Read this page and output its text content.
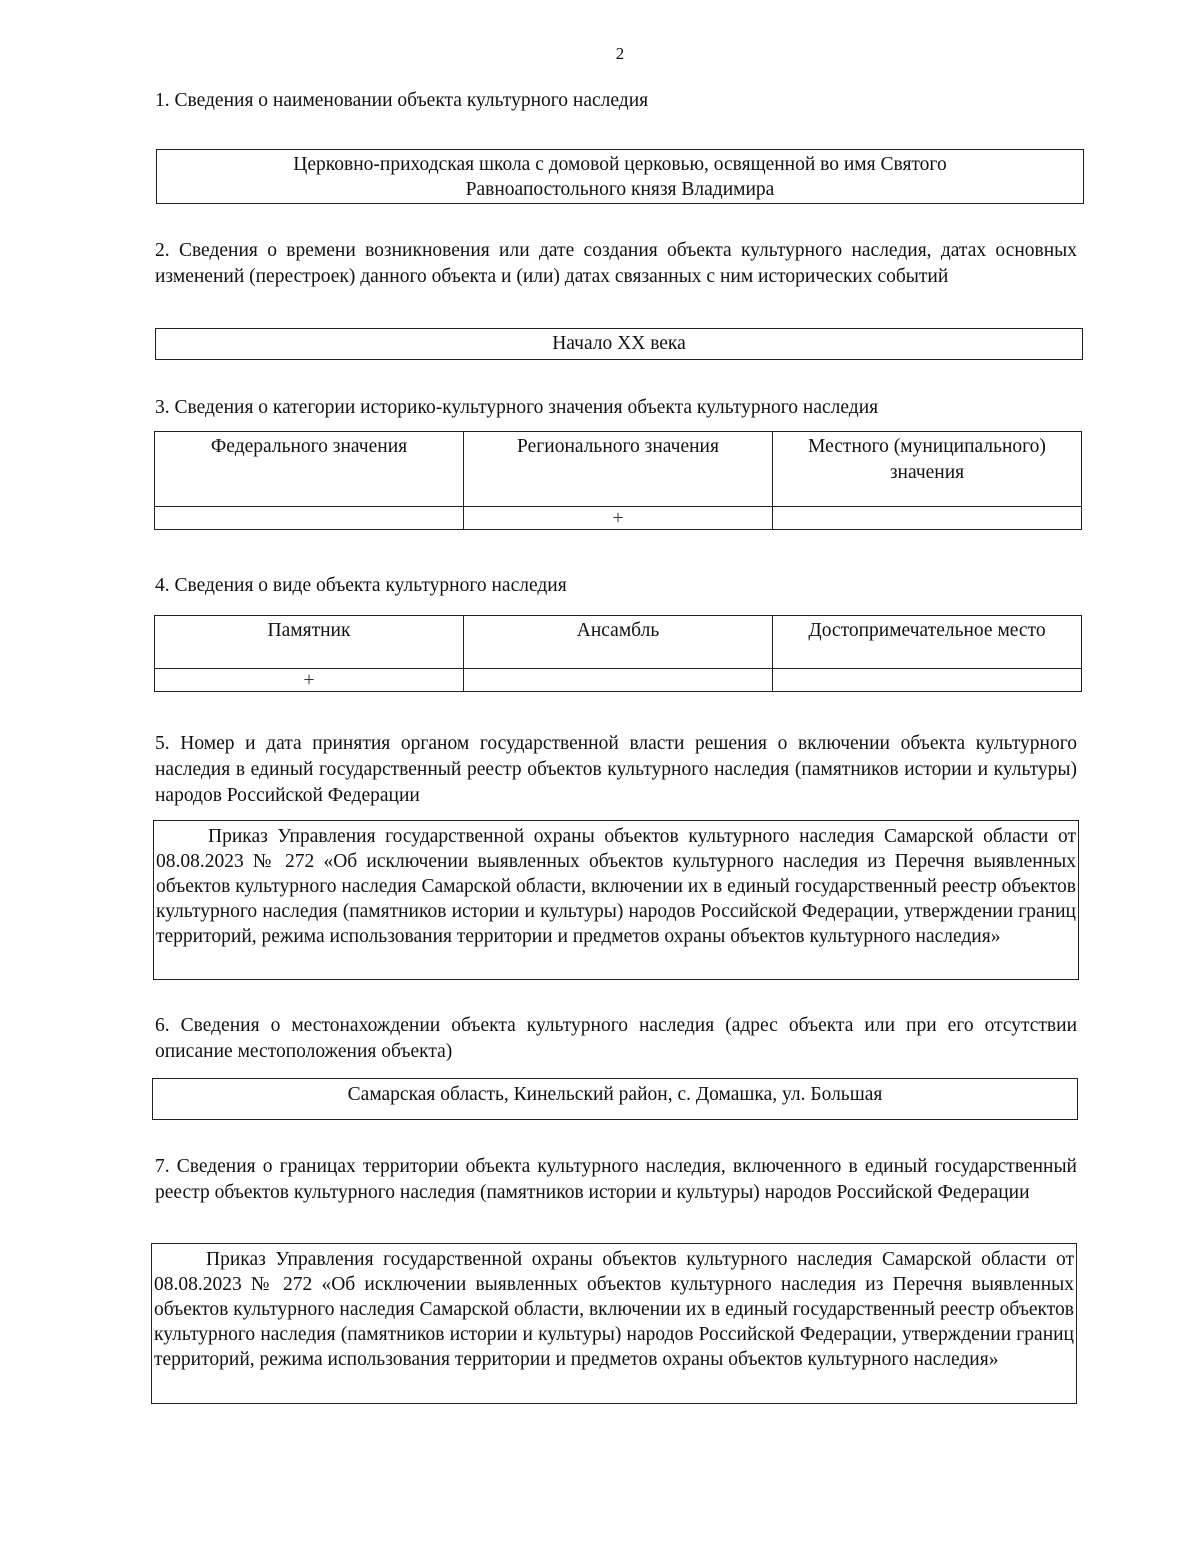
2
1. Сведения о наименовании объекта культурного наследия
Церковно-приходская школа с домовой церковью, освященной во имя Святого
Равноапостольного князя Владимира
2. Сведения о времени возникновения или дате создания объекта культурного наследия, датах основных изменений (перестроек) данного объекта и (или) датах связанных с ним исторических событий
Начало XX века
3. Сведения о категории историко-культурного значения объекта культурного наследия
Федерального значения	Регионального значения	Местного (муниципального) значения
	+	
4. Сведения о виде объекта культурного наследия
Памятник	Ансамбль	Достопримечательное место
+		
5. Номер и дата принятия органом государственной власти решения о включении объекта культурного наследия в единый государственный реестр объектов культурного наследия (памятников истории и культуры) народов Российской Федерации
Приказ Управления государственной охраны объектов культурного наследия Самарской области от 08.08.2023 № 272 «Об исключении выявленных объектов культурного наследия из Перечня выявленных объектов культурного наследия Самарской области, включении их в единый государственный реестр объектов культурного наследия (памятников истории и культуры) народов Российской Федерации, утверждении границ территорий, режима использования территории и предметов охраны объектов культурного наследия»
6. Сведения о местонахождении объекта культурного наследия (адрес объекта или при его отсутствии описание местоположения объекта)
Самарская область, Кинельский район, с. Домашка, ул. Большая
7. Сведения о границах территории объекта культурного наследия, включенного в единый государственный реестр объектов культурного наследия (памятников истории и культуры) народов Российской Федерации
Приказ Управления государственной охраны объектов культурного наследия Самарской области от 08.08.2023 № 272 «Об исключении выявленных объектов культурного наследия из Перечня выявленных объектов культурного наследия Самарской области, включении их в единый государственный реестр объектов культурного наследия (памятников истории и культуры) народов Российской Федерации, утверждении границ территорий, режима использования территории и предметов охраны объектов культурного наследия»
